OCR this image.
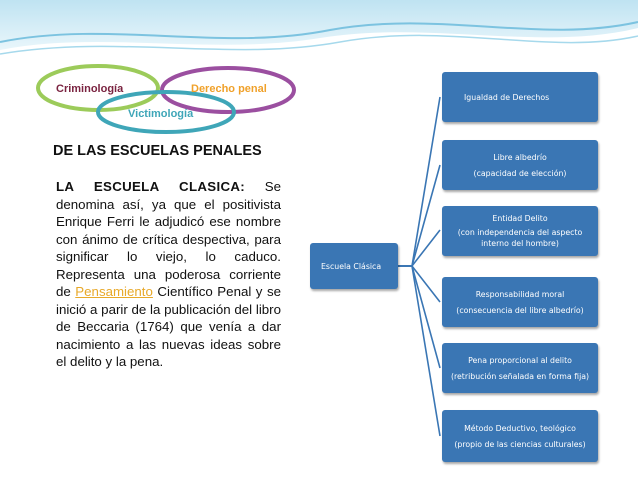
Criminología	Derecho penal
Victimología
DE LAS ESCUELAS PENALES
LA ESCUELA CLASICA: Se denomina así, ya que el positivista Enrique Ferri le adjudicó ese nombre con ánimo de crítica despectiva, para significar lo viejo, lo caduco. Representa una poderosa corriente de Pensamiento Científico Penal y se inició a parir de la publicación del libro de Beccaria (1764) que venía a dar nacimiento a las nuevas ideas sobre el delito y la pena.
Escuela Clásica
Igualdad de Derechos
Libre albedrío
(capacidad de elección)
Entidad Delito
(con independencia del aspecto interno del hombre)
Responsabilidad moral
(consecuencia del libre albedrío)
Pena proporcional al delito
(retribución señalada en forma fija)
Método Deductivo, teológico
(propio de las ciencias culturales)
